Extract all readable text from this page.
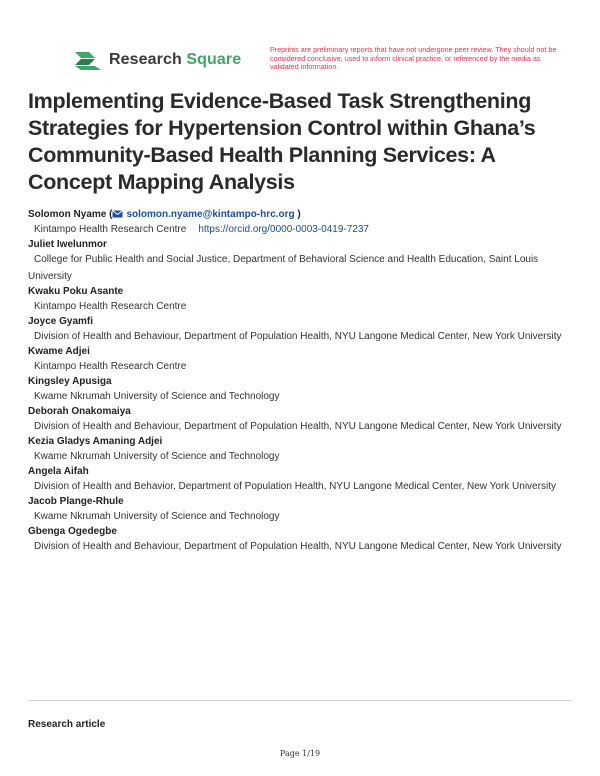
Research Square
Preprints are preliminary reports that have not undergone peer review. They should not be considered conclusive, used to inform clinical practice, or referenced by the media as validated information.
Implementing Evidence-Based Task Strengthening Strategies for Hypertension Control within Ghana’s Community-Based Health Planning Services: A Concept Mapping Analysis
Solomon Nyame ( solomon.nyame@kintampo-hrc.org )
Kintampo Health Research Centre https://orcid.org/0000-0003-0419-7237
Juliet Iwelunmor
College for Public Health and Social Justice, Department of Behavioral Science and Health Education, Saint Louis University
Kwaku Poku Asante
Kintampo Health Research Centre
Joyce Gyamfi
Division of Health and Behaviour, Department of Population Health, NYU Langone Medical Center, New York University
Kwame Adjei
Kintampo Health Research Centre
Kingsley Apusiga
Kwame Nkrumah University of Science and Technology
Deborah Onakomaiya
Division of Health and Behaviour, Department of Population Health, NYU Langone Medical Center, New York University
Kezia Gladys Amaning Adjei
Kwame Nkrumah University of Science and Technology
Angela Aifah
Division of Health and Behavior, Department of Population Health, NYU Langone Medical Center, New York University
Jacob Plange-Rhule
Kwame Nkrumah University of Science and Technology
Gbenga Ogedegbe
Division of Health and Behaviour, Department of Population Health, NYU Langone Medical Center, New York University
Research article
Page 1/19
